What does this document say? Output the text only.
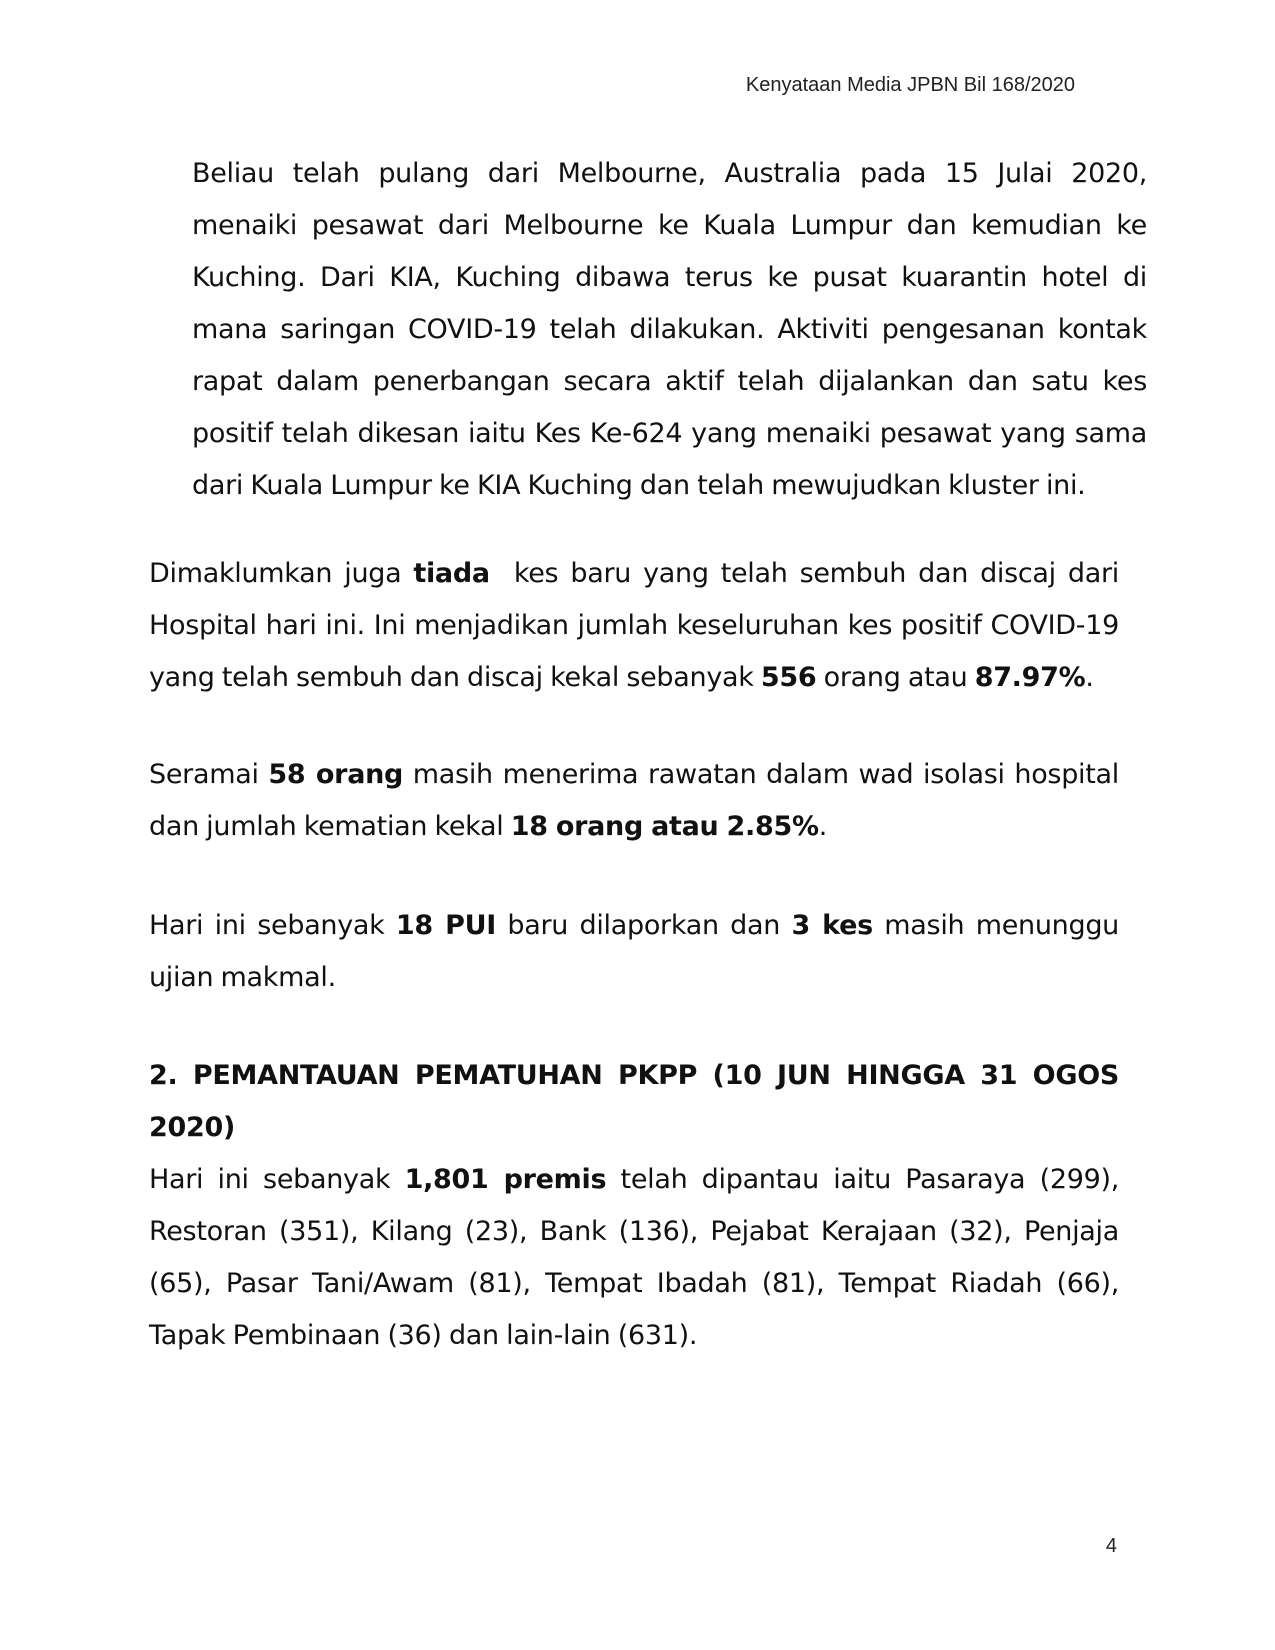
Kenyataan Media JPBN Bil 168/2020

Beliau telah pulang dari Melbourne, Australia pada 15 Julai 2020, menaiki pesawat dari Melbourne ke Kuala Lumpur dan kemudian ke Kuching. Dari KIA, Kuching dibawa terus ke pusat kuarantin hotel di mana saringan COVID-19 telah dilakukan. Aktiviti pengesanan kontak rapat dalam penerbangan secara aktif telah dijalankan dan satu kes positif telah dikesan iaitu Kes Ke-624 yang menaiki pesawat yang sama dari Kuala Lumpur ke KIA Kuching dan telah mewujudkan kluster ini.

Dimaklumkan juga tiada  kes baru yang telah sembuh dan discaj dari Hospital hari ini. Ini menjadikan jumlah keseluruhan kes positif COVID-19 yang telah sembuh dan discaj kekal sebanyak 556 orang atau 87.97%.

Seramai 58 orang masih menerima rawatan dalam wad isolasi hospital dan jumlah kematian kekal 18 orang atau 2.85%.

Hari ini sebanyak 18 PUI baru dilaporkan dan 3 kes masih menunggu ujian makmal.

2. PEMANTAUAN PEMATUHAN PKPP (10 JUN HINGGA 31 OGOS 2020)

Hari ini sebanyak 1,801 premis telah dipantau iaitu Pasaraya (299), Restoran (351), Kilang (23), Bank (136), Pejabat Kerajaan (32), Penjaja (65), Pasar Tani/Awam (81), Tempat Ibadah (81), Tempat Riadah (66), Tapak Pembinaan (36) dan lain-lain (631).

4
